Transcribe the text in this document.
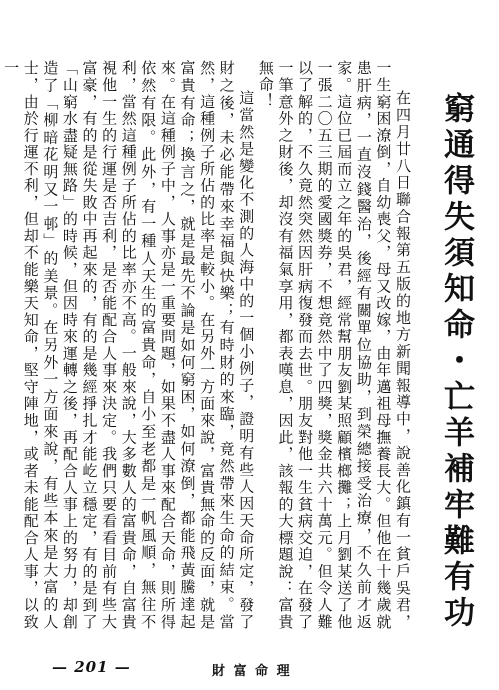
窮通得失須知命・亡羊補牢難有功

在四月廿八日聯合報第五版的地方新聞報導中，說善化鎮有一貧戶吳君，一生窮困潦倒，自幼喪父，母又改嫁，由年邁祖母撫養長大。但他在十幾歲就患肝病，一直沒錢醫治，後經有關單位協助，到榮總接受治療，不久前才返家。這位已屆而立之年的吳君，經常幫朋友劉某照顧檳榔攤；上月劉某送了他一張二〇五三期的愛國獎券，不想竟然中了四獎，獎金共六十萬元。但令人難以了解的，不久竟然突然因肝病復發而去世。朋友對他一生貧病交迫，在發了一筆意外之財後，却沒有福氣享用，都表嘆息，因此，該報的大標題說：富貴無命！

這當然是變化不測的人海中的一個小例子，證明有些人因天命所定，發了財之後，未必能帶來幸福與快樂；有時財的來臨，竟然帶來生命的結束。當然，這種例子所佔的比率是較小。在另外一方面來說，富貴無命的反面，就是富貴有命；換言之，就是最先不論是如何窮困，如何潦倒，都能飛黃騰達起來。在這種例子中，人事亦是一重要問題，如果不盡人事來配合天命，則所得依然有限。此外，有一種人天生的富貴命，自小至老都是一帆風順，無往不利，當然這種例子所佔的比率亦不高。一般來說，大多數人的富貴命，自富貴視他一生的行運是否吉利，是否能配合人事來決定。我們只要看看目前有些大富豪，有的是從失敗中再起來的，有的是幾經掙扎才能屹立穩定，有的是到了「山窮水盡疑無路」的時候，但因時來運轉之後，再配合人事上的努力，却創造了「柳暗花明又一邨」的美景。在另外一方面來說，有些本來是大富的人士，由於行運不利，但却不能樂天知命，堅守陣地，或者未能配合人事，以致一

— 201 —	財 富 命 理
